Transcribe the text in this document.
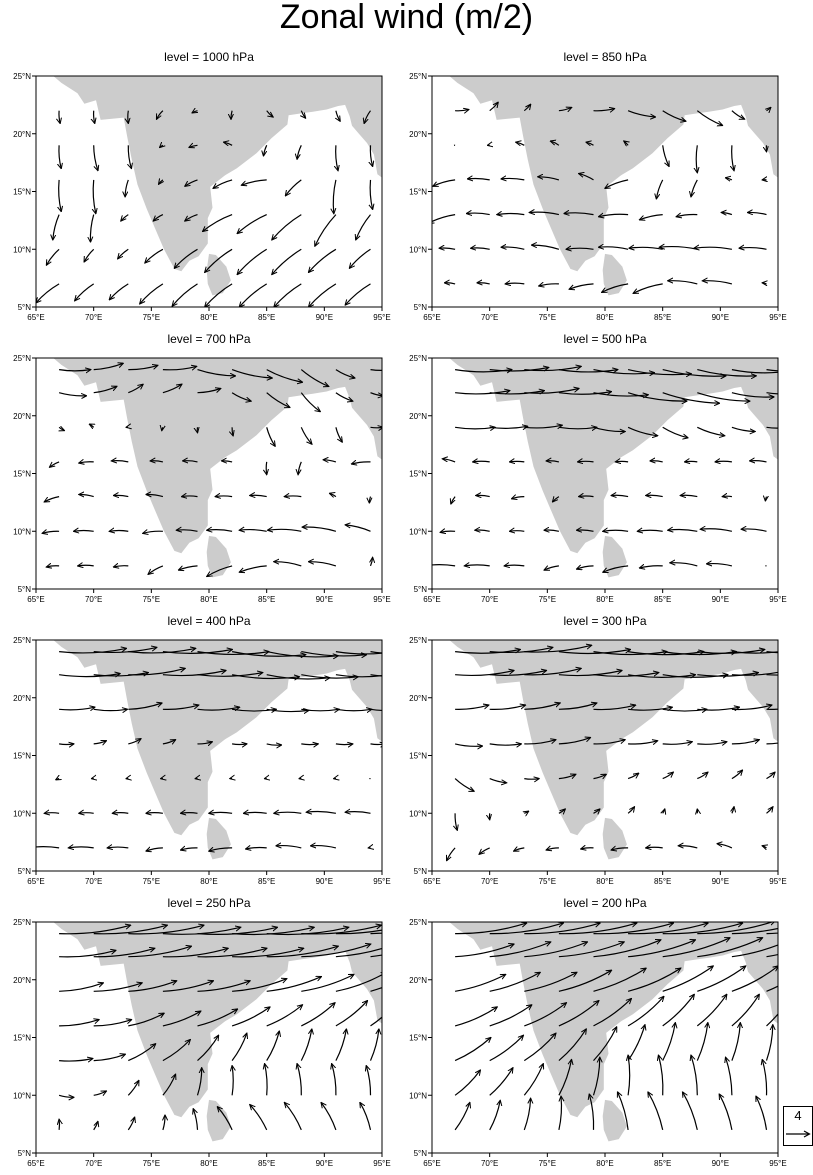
Zonal wind (m/2)
level = 1000 hPa
65°E	70°E	75°E	80°E	85°E	90°E	95°E
5°N
10°N
15°N
20°N
25°N
level = 850 hPa
65°E	70°E	75°E	80°E	85°E	90°E	95°E
5°N
10°N
15°N
20°N
25°N
level = 700 hPa
65°E	70°E	75°E	80°E	85°E	90°E	95°E
5°N
10°N
15°N
20°N
25°N
level = 500 hPa
65°E	70°E	75°E	80°E	85°E	90°E	95°E
5°N
10°N
15°N
20°N
25°N
level = 400 hPa
65°E	70°E	75°E	80°E	85°E	90°E	95°E
5°N
10°N
15°N
20°N
25°N
level = 300 hPa
65°E	70°E	75°E	80°E	85°E	90°E	95°E
5°N
10°N
15°N
20°N
25°N
level = 250 hPa
65°E	70°E	75°E	80°E	85°E	90°E	95°E
5°N
10°N
15°N
20°N
25°N
level = 200 hPa
65°E	70°E	75°E	80°E	85°E	90°E	95°E
5°N
10°N
15°N
20°N
25°N
4
